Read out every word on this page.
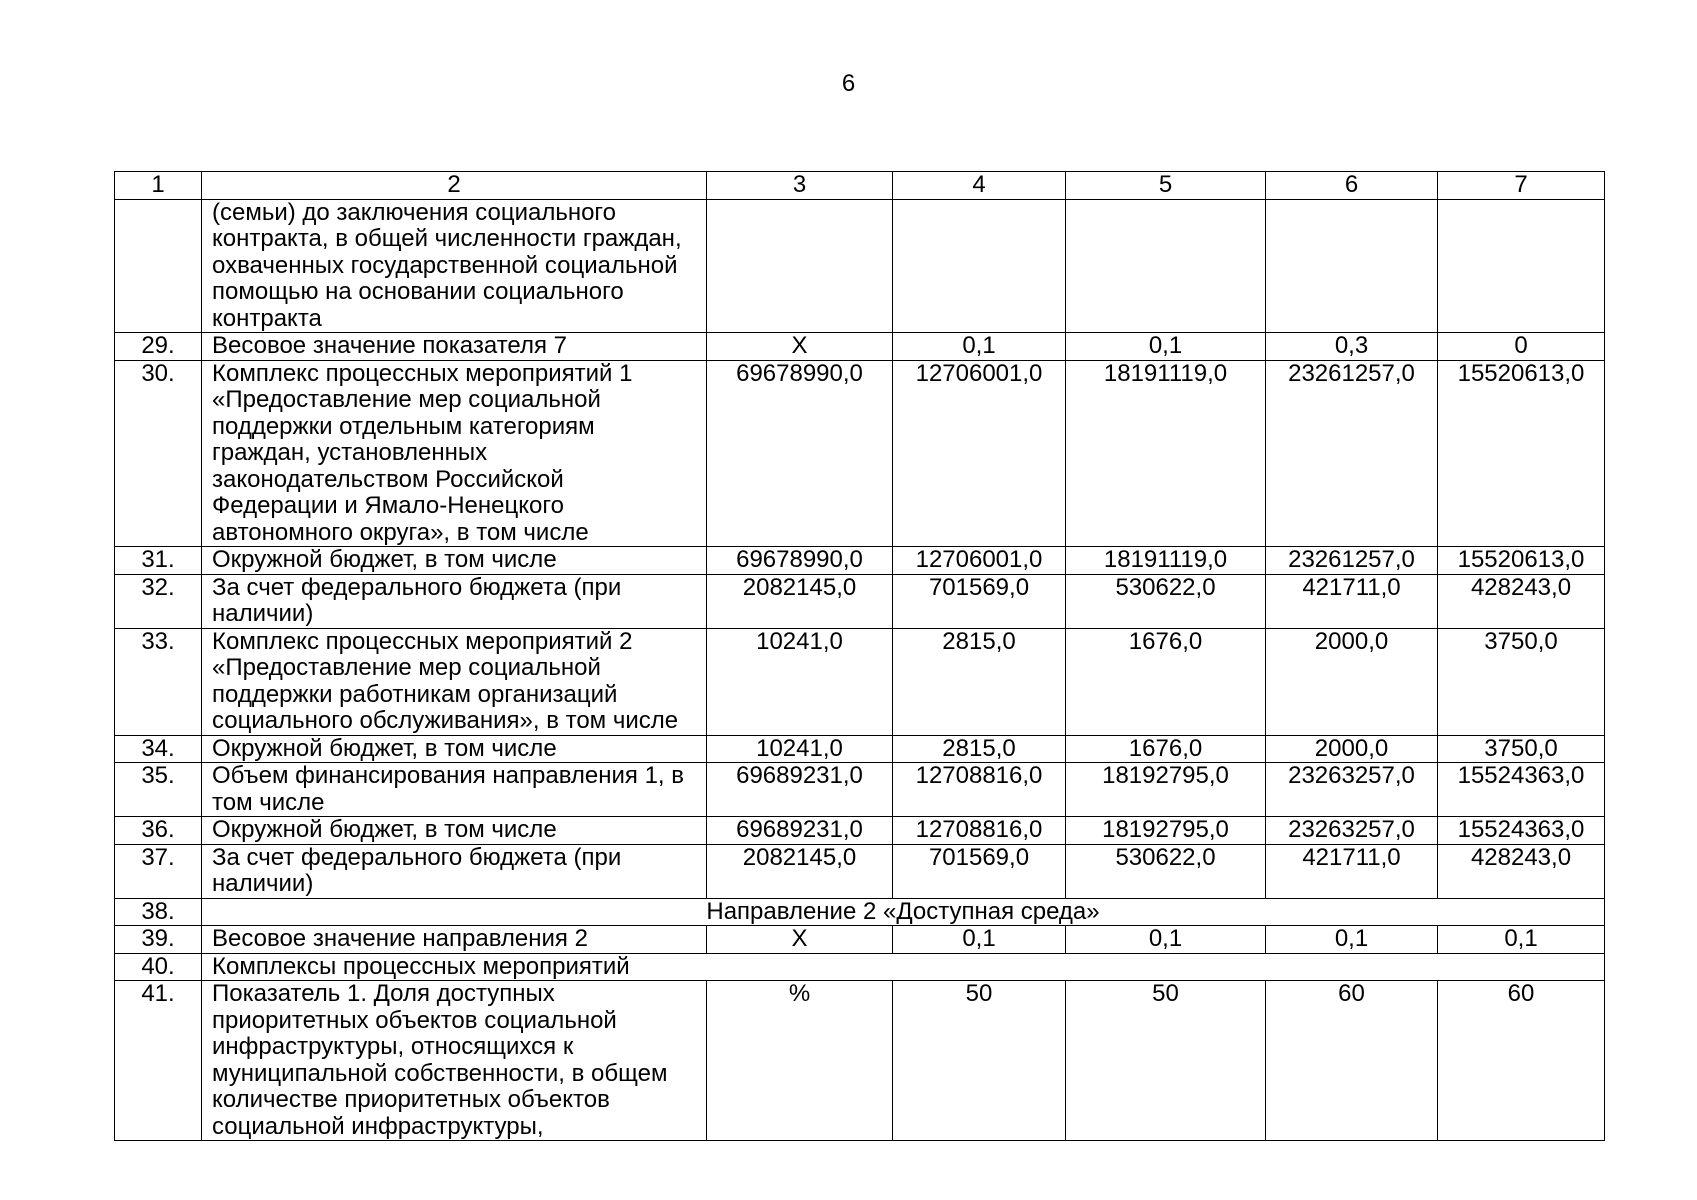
6
1	2	3	4	5	6	7
	(семьи) до заключения социального контракта, в общей численности граждан, охваченных государственной социальной помощью на основании социального контракта					
29.	Весовое значение показателя 7	X	0,1	0,1	0,3	0
30.	Комплекс процессных мероприятий 1 «Предоставление мер социальной поддержки отдельным категориям граждан, установленных законодательством Российской Федерации и Ямало-Ненецкого автономного округа», в том числе	69678990,0	12706001,0	18191119,0	23261257,0	15520613,0
31.	Окружной бюджет, в том числе	69678990,0	12706001,0	18191119,0	23261257,0	15520613,0
32.	За счет федерального бюджета (при наличии)	2082145,0	701569,0	530622,0	421711,0	428243,0
33.	Комплекс процессных мероприятий 2 «Предоставление мер социальной поддержки работникам организаций социального обслуживания», в том числе	10241,0	2815,0	1676,0	2000,0	3750,0
34.	Окружной бюджет, в том числе	10241,0	2815,0	1676,0	2000,0	3750,0
35.	Объем финансирования направления 1, в том числе	69689231,0	12708816,0	18192795,0	23263257,0	15524363,0
36.	Окружной бюджет, в том числе	69689231,0	12708816,0	18192795,0	23263257,0	15524363,0
37.	За счет федерального бюджета (при наличии)	2082145,0	701569,0	530622,0	421711,0	428243,0
38.	Направление 2 «Доступная среда»					
39.	Весовое значение направления 2	X	0,1	0,1	0,1	0,1
40.	Комплексы процессных мероприятий					
41.	Показатель 1. Доля доступных приоритетных объектов социальной инфраструктуры, относящихся к муниципальной собственности, в общем количестве приоритетных объектов социальной инфраструктуры,	%	50	50	60	60
